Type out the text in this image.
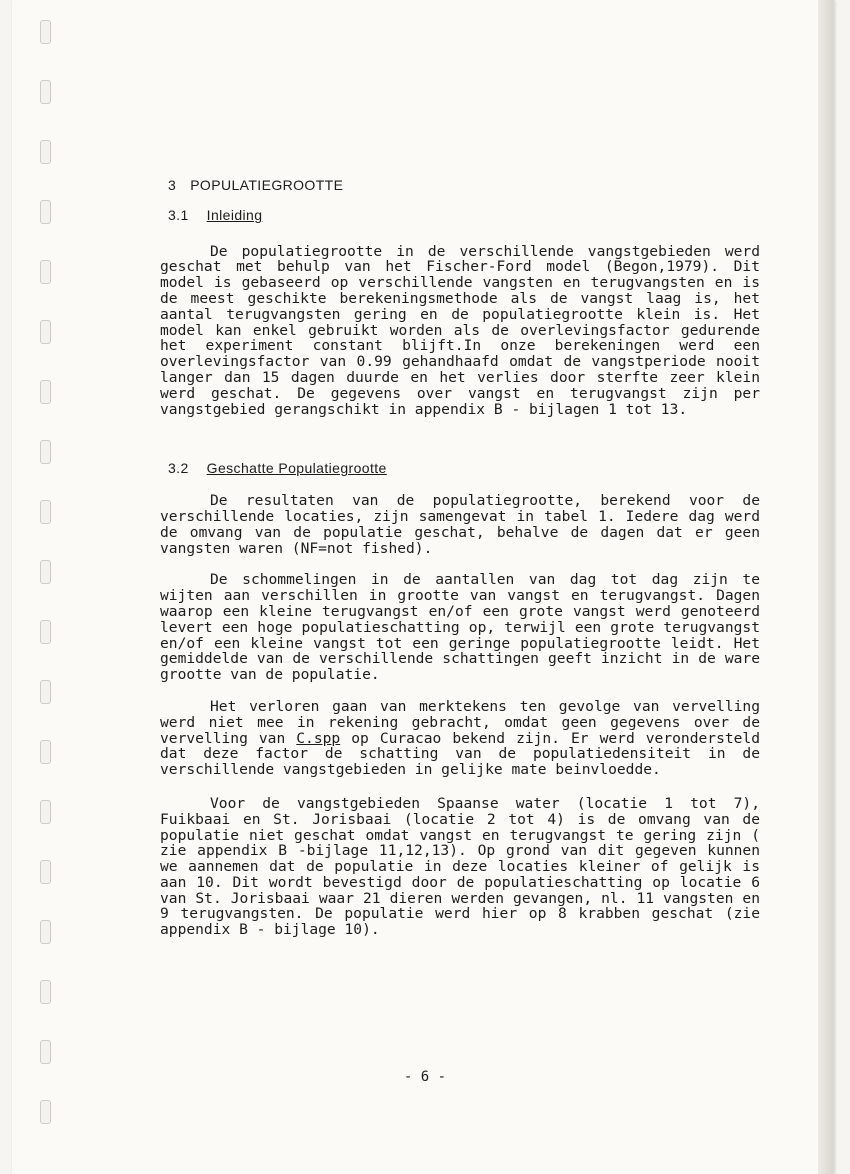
3 POPULATIEGROOTTE
3.1 Inleiding

De populatiegrootte in de verschillende vangstgebieden werd geschat met behulp van het Fischer-Ford model (Begon,1979). Dit model is gebaseerd op verschillende vangsten en terugvangsten en is de meest geschikte berekeningsmethode als de vangst laag is, het aantal terugvangsten gering en de populatiegrootte klein is. Het model kan enkel gebruikt worden als de overlevingsfactor gedurende het experiment constant blijft.In onze berekeningen werd een overlevingsfactor van 0.99 gehandhaafd omdat de vangstperiode nooit langer dan 15 dagen duurde en het verlies door sterfte zeer klein werd geschat. De gegevens over vangst en terugvangst zijn per vangstgebied gerangschikt in appendix B - bijlagen 1 tot 13.

3.2 Geschatte Populatiegrootte

De resultaten van de populatiegrootte, berekend voor de verschillende locaties, zijn samengevat in tabel 1. Iedere dag werd de omvang van de populatie geschat, behalve de dagen dat er geen vangsten waren (NF=not fished).

De schommelingen in de aantallen van dag tot dag zijn te wijten aan verschillen in grootte van vangst en terugvangst. Dagen waarop een kleine terugvangst en/of een grote vangst werd genoteerd levert een hoge populatieschatting op, terwijl een grote terugvangst en/of een kleine vangst tot een geringe populatiegrootte leidt. Het gemiddelde van de verschillende schattingen geeft inzicht in de ware grootte van de populatie.

Het verloren gaan van merktekens ten gevolge van vervelling werd niet mee in rekening gebracht, omdat geen gegevens over de vervelling van C.spp op Curacao bekend zijn. Er werd verondersteld dat deze factor de schatting van de populatiedensiteit in de verschillende vangstgebieden in gelijke mate beinvloedde.

Voor de vangstgebieden Spaanse water (locatie 1 tot 7), Fuikbaai en St. Jorisbaai (locatie 2 tot 4) is de omvang van de populatie niet geschat omdat vangst en terugvangst te gering zijn ( zie appendix B -bijlage 11,12,13). Op grond van dit gegeven kunnen we aannemen dat de populatie in deze locaties kleiner of gelijk is aan 10. Dit wordt bevestigd door de populatieschatting op locatie 6 van St. Jorisbaai waar 21 dieren werden gevangen, nl. 11 vangsten en 9 terugvangsten. De populatie werd hier op 8 krabben geschat (zie appendix B - bijlage 10).

- 6 -
